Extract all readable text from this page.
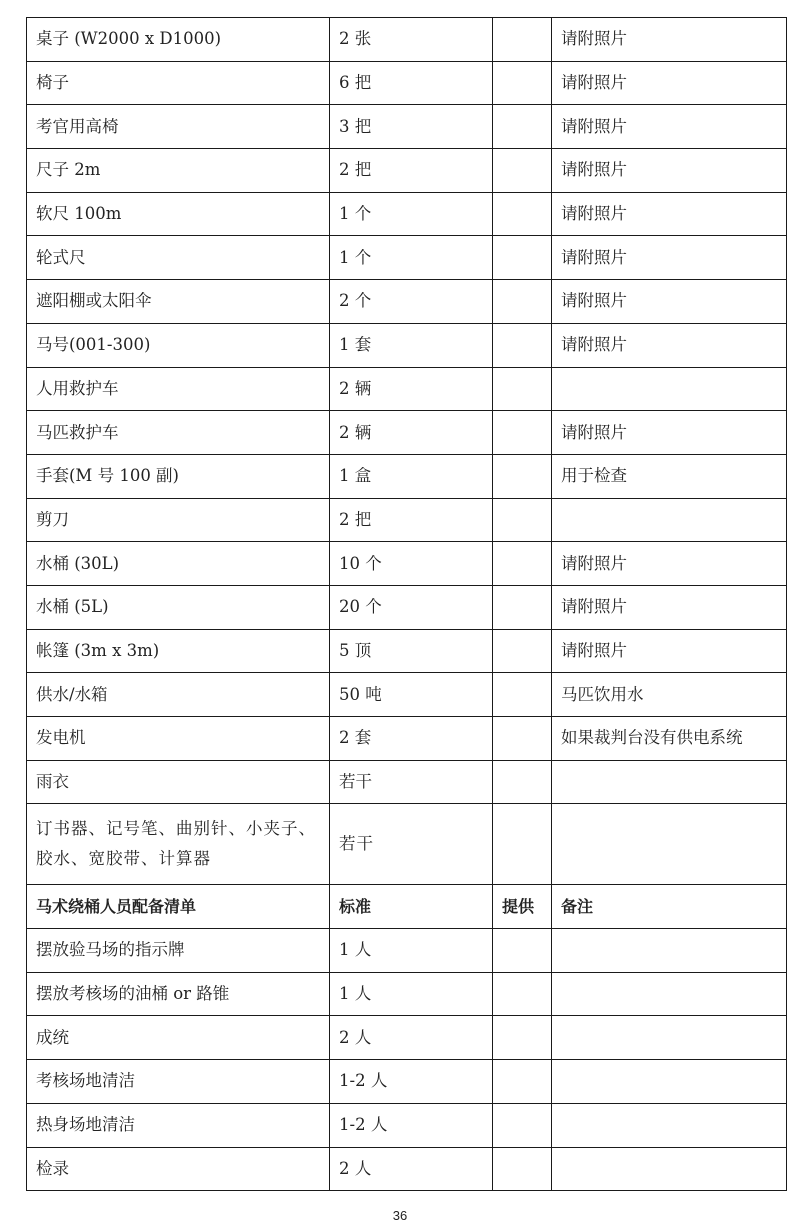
桌子 (W2000 x D1000)	2 张		请附照片
椅子	6 把		请附照片
考官用高椅	3 把		请附照片
尺子 2m	2 把		请附照片
软尺 100m	1 个		请附照片
轮式尺	1 个		请附照片
遮阳棚或太阳伞	2 个		请附照片
马号(001-300)	1 套		请附照片
人用救护车	2 辆		
马匹救护车	2 辆		请附照片
手套(M 号 100 副)	1 盒		用于检查
剪刀	2 把		
水桶 (30L)	10 个		请附照片
水桶 (5L)	20 个		请附照片
帐篷 (3m x 3m)	5 顶		请附照片
供水/水箱	50 吨		马匹饮用水
发电机	2 套		如果裁判台没有供电系统
雨衣	若干		
订书器、记号笔、曲别针、小夹子、胶水、宽胶带、计算器	若干		
马术绕桶人员配备清单	标准	提供	备注
摆放验马场的指示牌	1 人		
摆放考核场的油桶 or 路锥	1 人		
成统	2 人		
考核场地清洁	1-2 人		
热身场地清洁	1-2 人		
检录	2 人		
36
